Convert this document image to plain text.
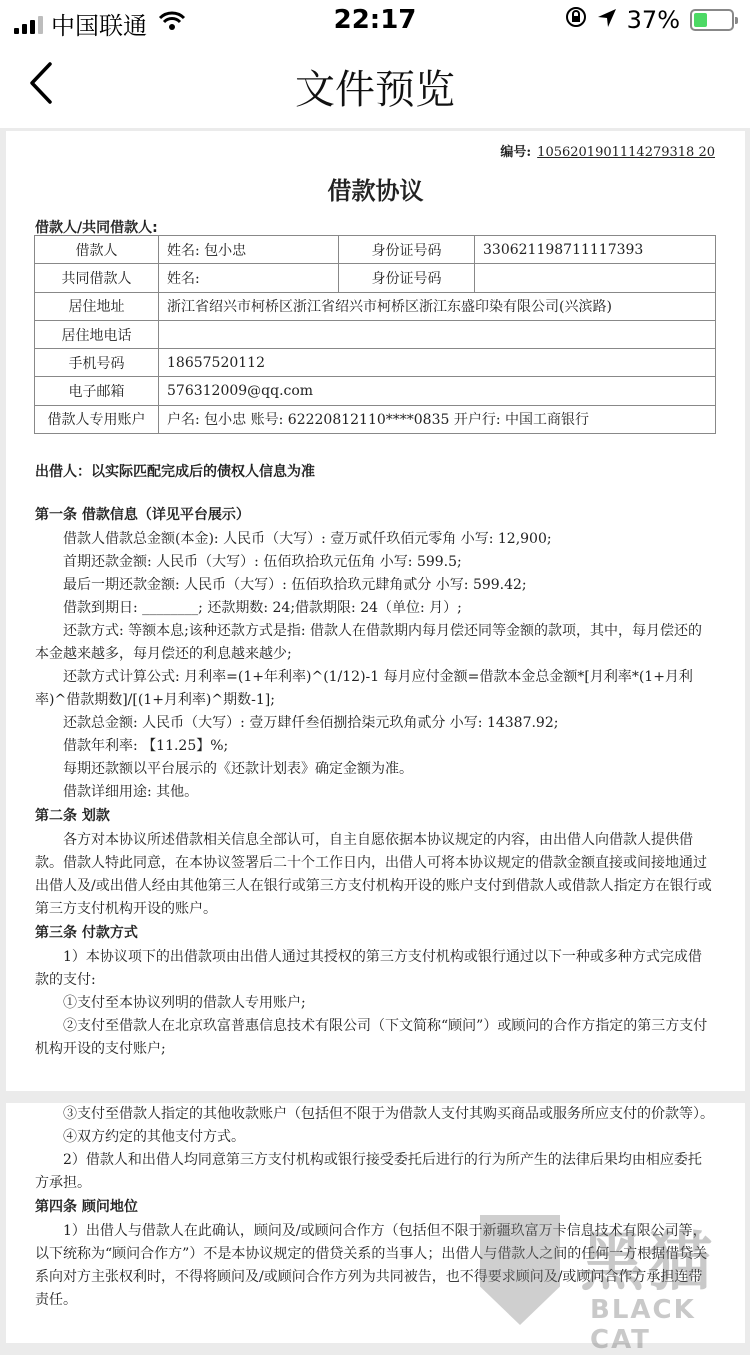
中国联通	22:17	37%
文件预览
编号: 1056201901114279318 20
借款协议
借款人/共同借款人:
借款人	姓名: 包小忠	身份证号码	330621198711117393
共同借款人	姓名:	身份证号码	
居住地址	浙江省绍兴市柯桥区浙江省绍兴市柯桥区浙江东盛印染有限公司(兴滨路)		
居住地电话			
手机号码	18657520112		
电子邮箱	576312009@qq.com		
借款人专用账户	户名: 包小忠 账号: 62220812110****0835 开户行: 中国工商银行		
出借人：以实际匹配完成后的债权人信息为准
第一条 借款信息（详见平台展示）

借款人借款总金额(本金): 人民币（大写）: 壹万贰仟玖佰元零角 小写: 12,900;

首期还款金额: 人民币（大写）: 伍佰玖拾玖元伍角 小写: 599.5;

最后一期还款金额: 人民币（大写）: 伍佰玖拾玖元肆角贰分 小写: 599.42;

借款到期日: ________; 还款期数: 24;借款期限: 24（单位: 月）;

还款方式: 等额本息;该种还款方式是指: 借款人在借款期内每月偿还同等金额的款项，其中，每月偿还的本金越来越多，每月偿还的利息越来越少;

还款方式计算公式: 月利率=(1+年利率)^(1/12)-1 每月应付金额=借款本金总金额*[月利率*(1+月利率)^借款期数]/[(1+月利率)^期数-1];

还款总金额: 人民币（大写）: 壹万肆仟叁佰捌拾柒元玖角贰分 小写: 14387.92;

借款年利率: 【11.25】%;

每期还款额以平台展示的《还款计划表》确定金额为准。

借款详细用途: 其他。

第二条 划款

各方对本协议所述借款相关信息全部认可，自主自愿依据本协议规定的内容，由出借人向借款人提供借款。借款人特此同意，在本协议签署后二十个工作日内，出借人可将本协议规定的借款金额直接或间接地通过出借人及/或出借人经由其他第三人在银行或第三方支付机构开设的账户支付到借款人或借款人指定方在银行或第三方支付机构开设的账户。

第三条 付款方式

1）本协议项下的出借款项由出借人通过其授权的第三方支付机构或银行通过以下一种或多种方式完成借款的支付:

①支付至本协议列明的借款人专用账户;

②支付至借款人在北京玖富普惠信息技术有限公司（下文简称“顾问”）或顾问的合作方指定的第三方支付机构开设的支付账户;

③支付至借款人指定的其他收款账户（包括但不限于为借款人支付其购买商品或服务所应支付的价款等）。

④双方约定的其他支付方式。

2）借款人和出借人均同意第三方支付机构或银行接受委托后进行的行为所产生的法律后果均由相应委托方承担。

第四条 顾问地位

1）出借人与借款人在此确认，顾问及/或顾问合作方（包括但不限于新疆玖富万卡信息技术有限公司等，以下统称为“顾问合作方”）不是本协议规定的借贷关系的当事人；出借人与借款人之间的任何一方根据借贷关系向对方主张权利时，不得将顾问及/或顾问合作方列为共同被告，也不得要求顾问及/或顾问合作方承担连带责任。	黑猫
BLACK CAT
